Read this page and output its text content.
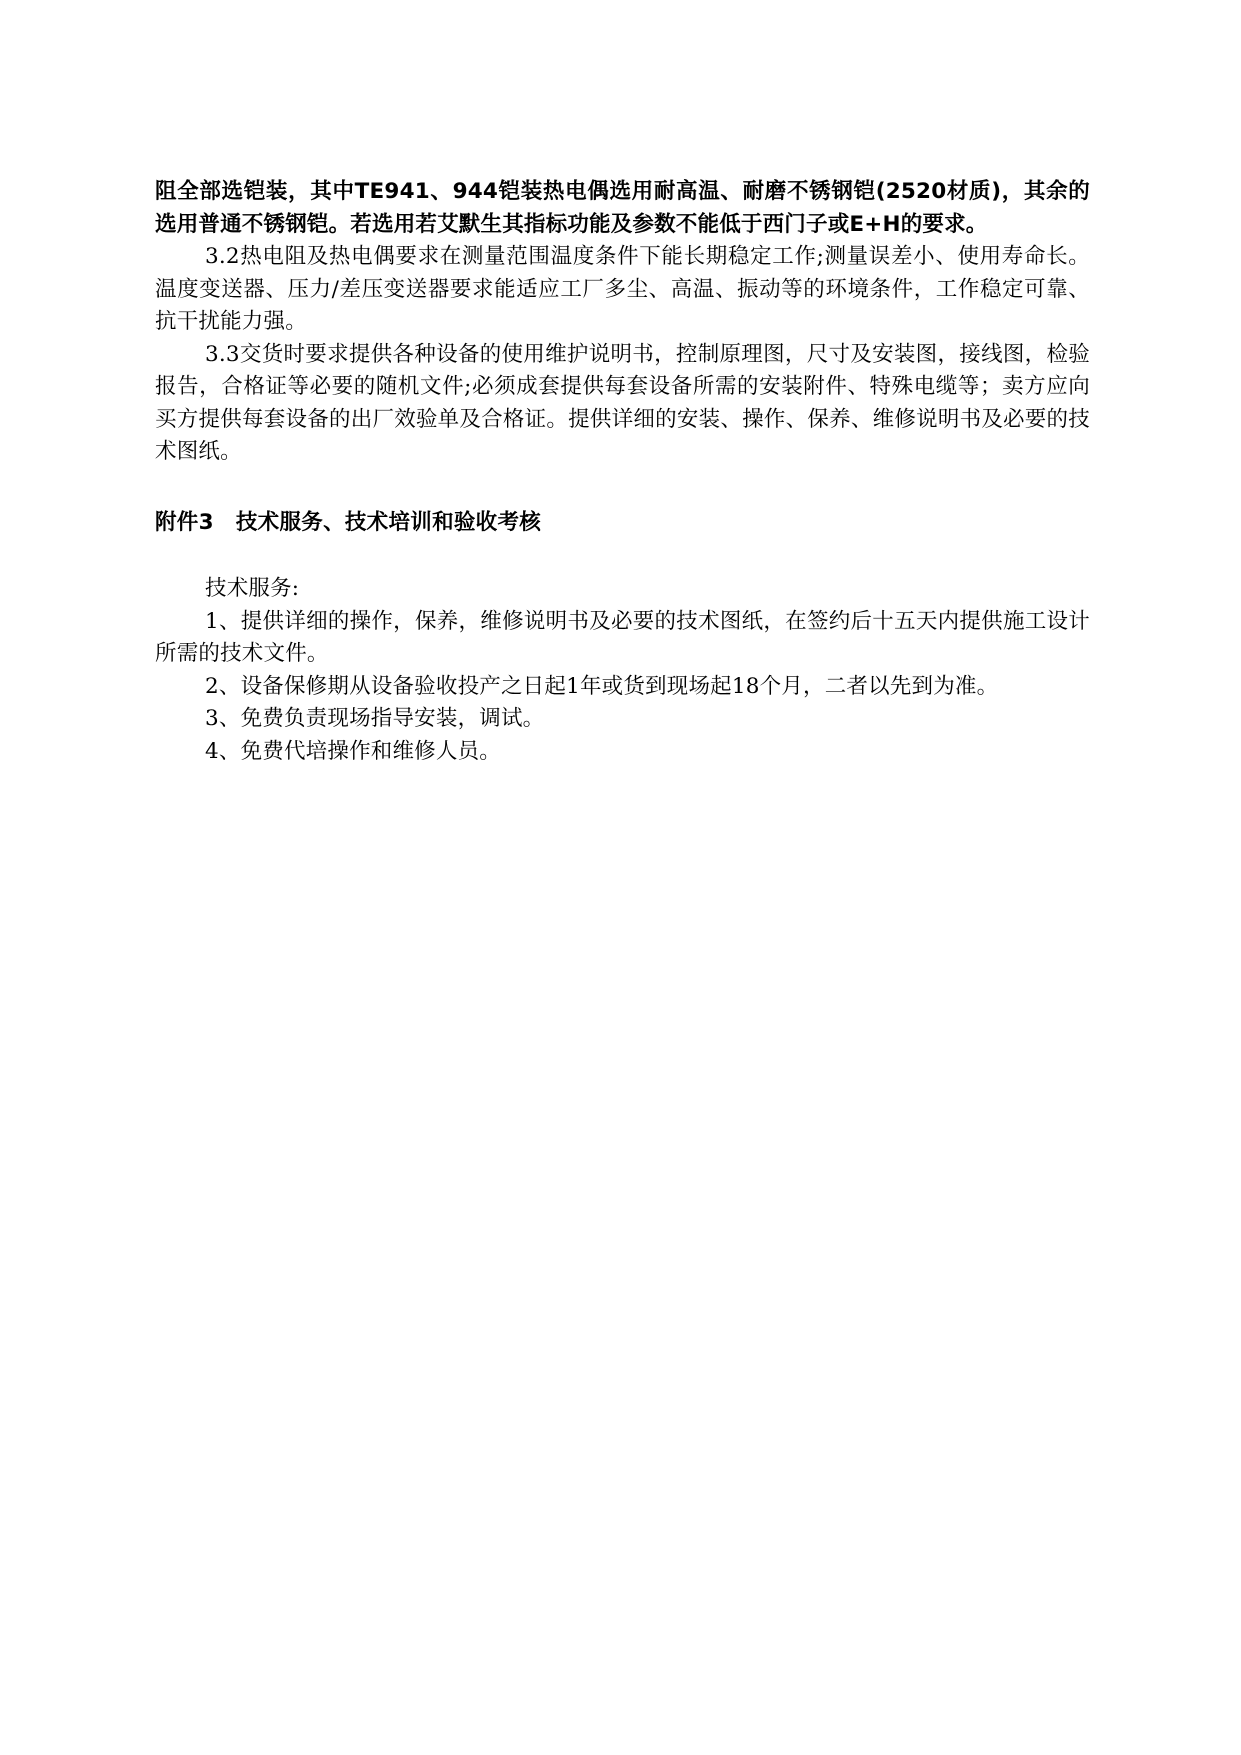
阻全部选铠装，其中TE941、944铠装热电偶选用耐高温、耐磨不锈钢铠(2520材质)，其余的选用普通不锈钢铠。若选用若艾默生其指标功能及参数不能低于西门子或E+H的要求。

3.2热电阻及热电偶要求在测量范围温度条件下能长期稳定工作;测量误差小、使用寿命长。温度变送器、压力/差压变送器要求能适应工厂多尘、高温、振动等的环境条件，工作稳定可靠、抗干扰能力强。

3.3交货时要求提供各种设备的使用维护说明书，控制原理图，尺寸及安装图，接线图，检验报告，合格证等必要的随机文件;必须成套提供每套设备所需的安装附件、特殊电缆等；卖方应向买方提供每套设备的出厂效验单及合格证。提供详细的安装、操作、保养、维修说明书及必要的技术图纸。

附件3 技术服务、技术培训和验收考核

技术服务:

1、提供详细的操作，保养，维修说明书及必要的技术图纸，在签约后十五天内提供施工设计所需的技术文件。

2、设备保修期从设备验收投产之日起1年或货到现场起18个月，二者以先到为准。

3、免费负责现场指导安装，调试。

4、免费代培操作和维修人员。
